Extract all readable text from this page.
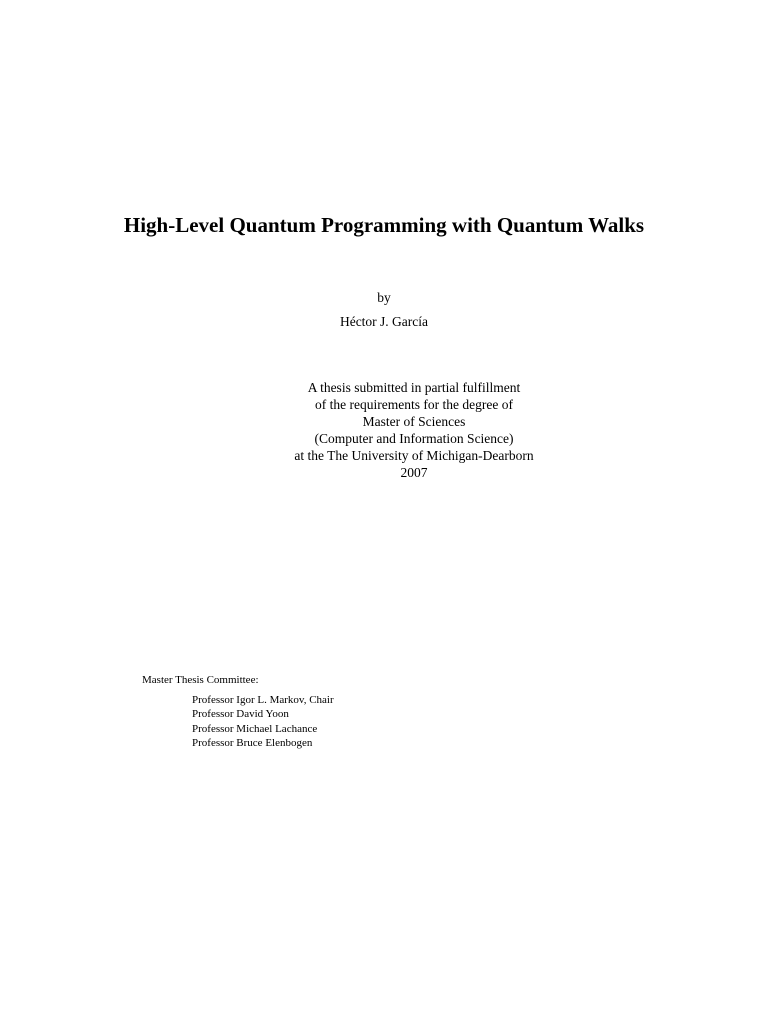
High-Level Quantum Programming with Quantum Walks
by
Héctor J. García
A thesis submitted in partial fulfillment
of the requirements for the degree of
Master of Sciences
(Computer and Information Science)
at the The University of Michigan-Dearborn
2007
Master Thesis Committee:
Professor Igor L. Markov, Chair
Professor David Yoon
Professor Michael Lachance
Professor Bruce Elenbogen
